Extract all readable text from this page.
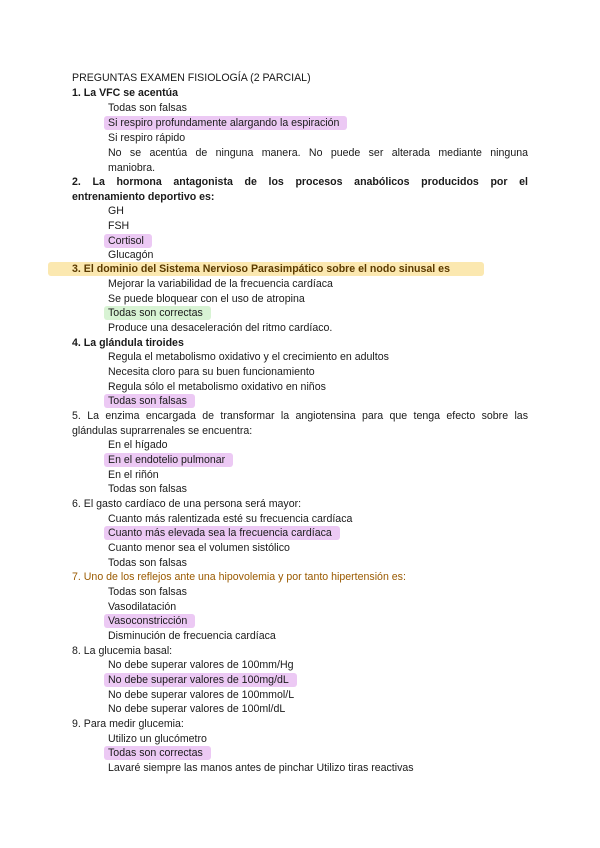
PREGUNTAS EXAMEN FISIOLOGÍA (2 PARCIAL)
1. La VFC se acentúa
Todas son falsas
Si respiro profundamente alargando la espiración
Si respiro rápido
No se acentúa de ninguna manera. No puede ser alterada mediante ninguna
maniobra.
2. La hormona antagonista de los procesos anabólicos producidos por el
entrenamiento deportivo es:
GH
FSH
Cortisol
Glucagón
3. El dominio del Sistema Nervioso Parasimpático sobre el nodo sinusal es
Mejorar la variabilidad de la frecuencia cardíaca
Se puede bloquear con el uso de atropina
Todas son correctas
Produce una desaceleración del ritmo cardíaco.
4. La glándula tiroides
Regula el metabolismo oxidativo y el crecimiento en adultos
Necesita cloro para su buen funcionamiento
Regula sólo el metabolismo oxidativo en niños
Todas son falsas
5. La enzima encargada de transformar la angiotensina para que tenga efecto sobre las
glándulas suprarrenales se encuentra:
En el hígado
En el endotelio pulmonar
En el riñón
Todas son falsas
6. El gasto cardíaco de una persona será mayor:
Cuanto más ralentizada esté su frecuencia cardíaca
Cuanto más elevada sea la frecuencia cardíaca
Cuanto menor sea el volumen sistólico
Todas son falsas
7. Uno de los reflejos ante una hipovolemia y por tanto hipertensión es:
Todas son falsas
Vasodilatación
Vasoconstricción
Disminución de frecuencia cardíaca
8. La glucemia basal:
No debe superar valores de 100mm/Hg
No debe superar valores de 100mg/dL
No debe superar valores de 100mmol/L
No debe superar valores de 100ml/dL
9. Para medir glucemia:
Utilizo un glucómetro
Todas son correctas
Lavaré siempre las manos antes de pinchar Utilizo tiras reactivas
